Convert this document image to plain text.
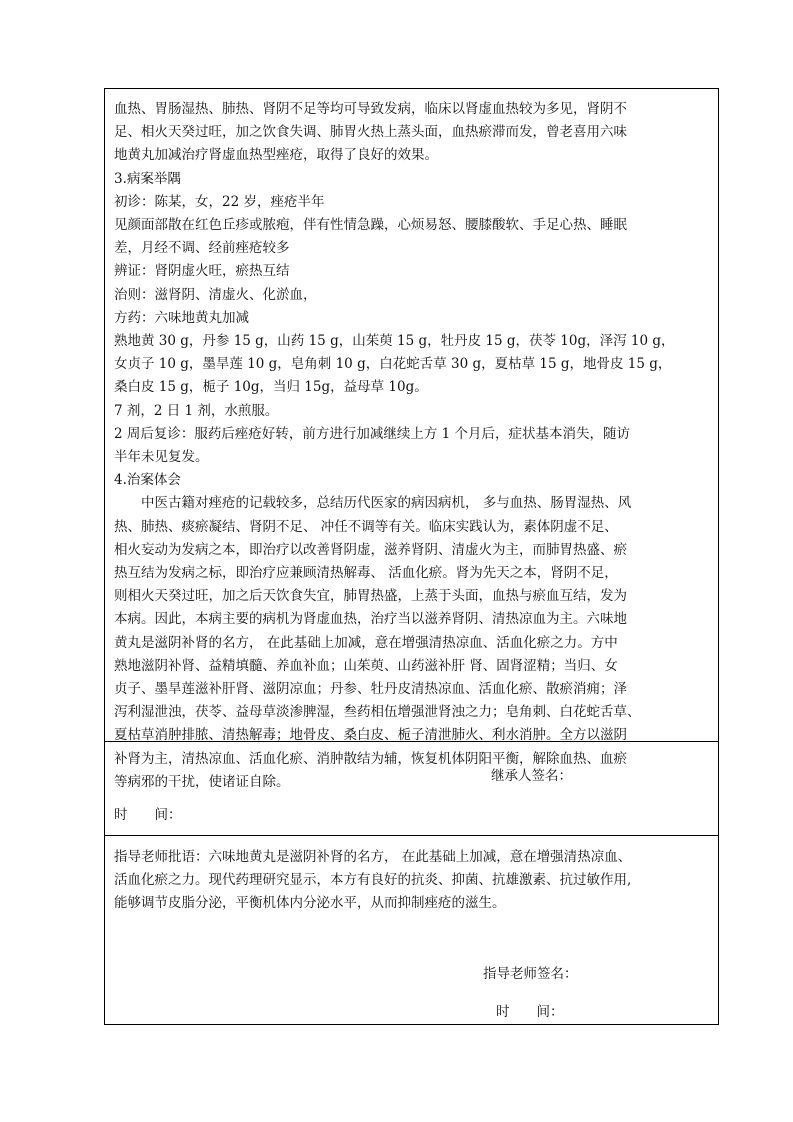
血热、胃肠湿热、肺热、肾阴不足等均可导致发病，临床以肾虚血热较为多见，肾阴不

足、相火天癸过旺，加之饮食失调、肺胃火热上蒸头面，血热瘀滞而发，曾老喜用六味

地黄丸加减治疗肾虚血热型痤疮，取得了良好的效果。

3.病案举隅

初诊：陈某，女，22 岁，痤疮半年

见颜面部散在红色丘疹或脓疱，伴有性情急躁，心烦易怒、腰膝酸软、手足心热、睡眠

差，月经不调、经前痤疮较多

辨证：肾阴虚火旺，瘀热互结

治则：滋肾阴、清虚火、化淤血，

方药：六味地黄丸加减

熟地黄 30 g，丹参 15 g，山药 15 g，山茱萸 15 g，牡丹皮 15 g，茯苓 10g，泽泻 10 g，

女贞子 10 g，墨旱莲 10 g，皂角刺 10 g，白花蛇舌草 30 g，夏枯草 15 g，地骨皮 15 g，

桑白皮 15 g，栀子 10g，当归 15g，益母草 10g。

7 剂，2 日 1 剂，水煎服。

2 周后复诊：服药后痤疮好转，前方进行加减继续上方 1 个月后，症状基本消失，随访

半年未见复发。

4.治案体会

中医古籍对痤疮的记载较多，总结历代医家的病因病机， 多与血热、肠胃湿热、风

热、肺热、痰瘀凝结、肾阴不足、 冲任不调等有关。临床实践认为，素体阴虚不足、

相火妄动为发病之本，即治疗以改善肾阴虚，滋养肾阴、清虚火为主，而肺胃热盛、瘀

热互结为发病之标，即治疗应兼顾清热解毒、 活血化瘀。肾为先天之本，肾阴不足，

则相火天癸过旺，加之后天饮食失宜，肺胃热盛，上蒸于头面，血热与瘀血互结，发为

本病。因此，本病主要的病机为肾虚血热，治疗当以滋养肾阴、清热凉血为主。六味地

黄丸是滋阴补肾的名方， 在此基础上加减，意在增强清热凉血、活血化瘀之力。方中

熟地滋阴补肾、益精填髓、养血补血；山茱萸、山药滋补肝 肾、固肾涩精；当归、女

贞子、墨旱莲滋补肝肾、滋阴凉血；丹参、牡丹皮清热凉血、活血化瘀、散瘀消痈；泽

泻利湿泄浊，茯苓、益母草淡渗脾湿，叁药相伍增强泄肾浊之力；皂角刺、白花蛇舌草、

夏枯草消肿排脓、清热解毒；地骨皮、桑白皮、栀子清泄肺火、利水消肿。全方以滋阴

补肾为主，清热凉血、活血化瘀、消肿散结为辅，恢复机体阴阳平衡，解除血热、血瘀

等病邪的干扰，使诸证自除。	继承人签名：
时　　间：

指导老师批语：六味地黄丸是滋阴补肾的名方， 在此基础上加减，意在增强清热凉血、

活血化瘀之力。现代药理研究显示，本方有良好的抗炎、抑菌、抗雄激素、抗过敏作用,

能够调节皮脂分泌，平衡机体内分泌水平，从而抑制痤疮的滋生。

指导老师签名：
时　　间：
